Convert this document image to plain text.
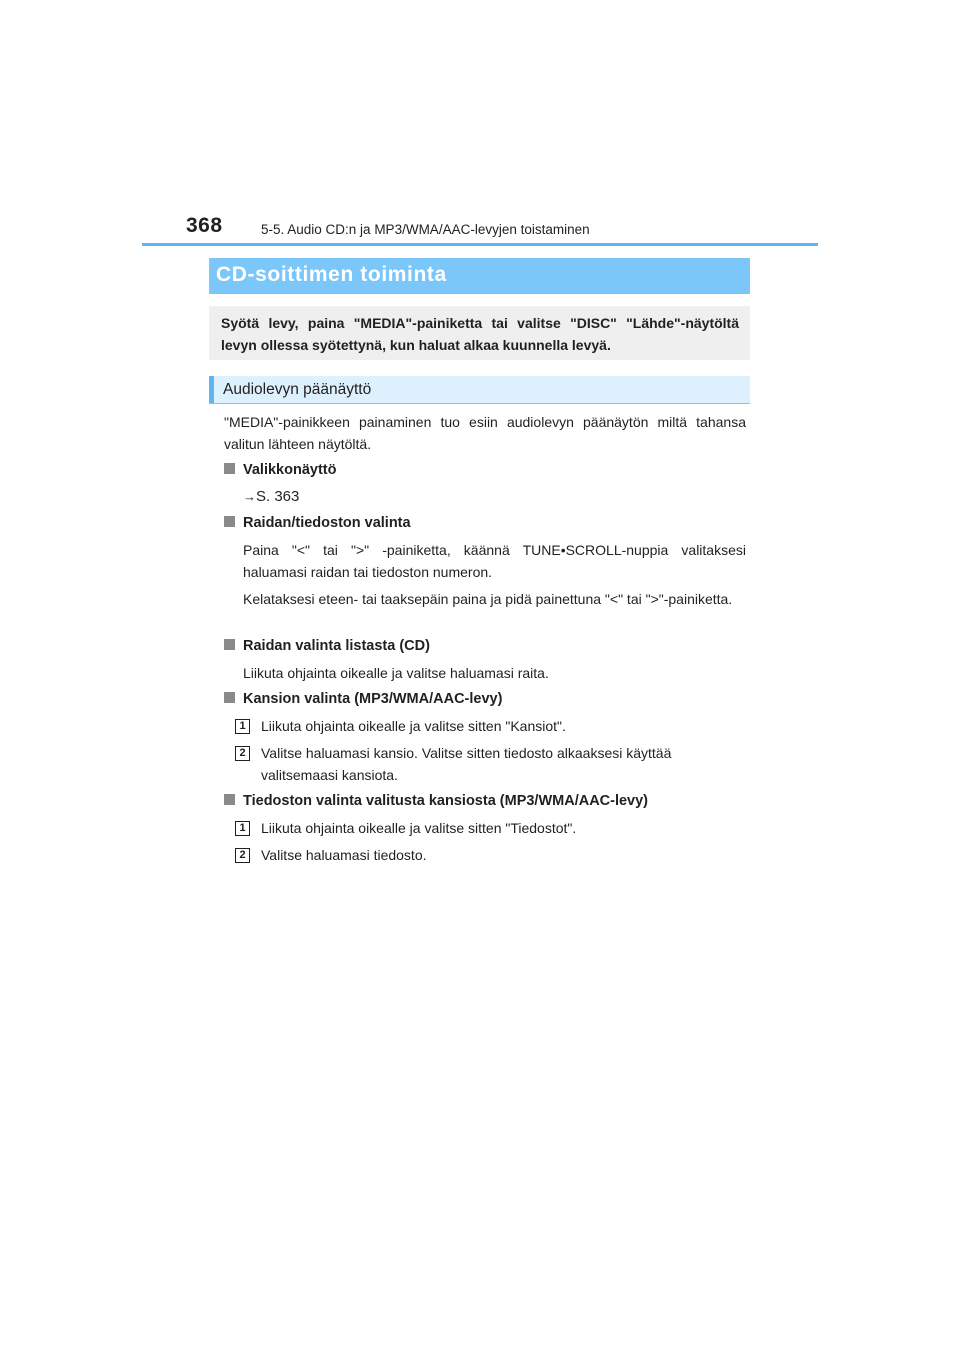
368	5-5. Audio CD:n ja MP3/WMA/AAC-levyjen toistaminen
CD-soittimen toiminta
Syötä levy, paina "MEDIA"-painiketta tai valitse "DISC" "Lähde"-näytöltä levyn ollessa syötettynä, kun haluat alkaa kuunnella levyä.
Audiolevyn päänäyttö
"MEDIA"-painikkeen painaminen tuo esiin audiolevyn päänäytön miltä tahansa valitun lähteen näytöltä.
Valikkonäyttö
→S. 363
Raidan/tiedoston valinta
Paina "<" tai ">" -painiketta, käännä TUNE•SCROLL-nuppia valitaksesi haluamasi raidan tai tiedoston numeron.
Kelataksesi eteen- tai taaksepäin paina ja pidä painettuna "<" tai ">"-painiketta.
Raidan valinta listasta (CD)
Liikuta ohjainta oikealle ja valitse haluamasi raita.
Kansion valinta (MP3/WMA/AAC-levy)
1	Liikuta ohjainta oikealle ja valitse sitten "Kansiot".
2	Valitse haluamasi kansio. Valitse sitten tiedosto alkaaksesi käyttää valitsemaasi kansiota.
Tiedoston valinta valitusta kansiosta (MP3/WMA/AAC-levy)
1	Liikuta ohjainta oikealle ja valitse sitten "Tiedostot".
2	Valitse haluamasi tiedosto.
